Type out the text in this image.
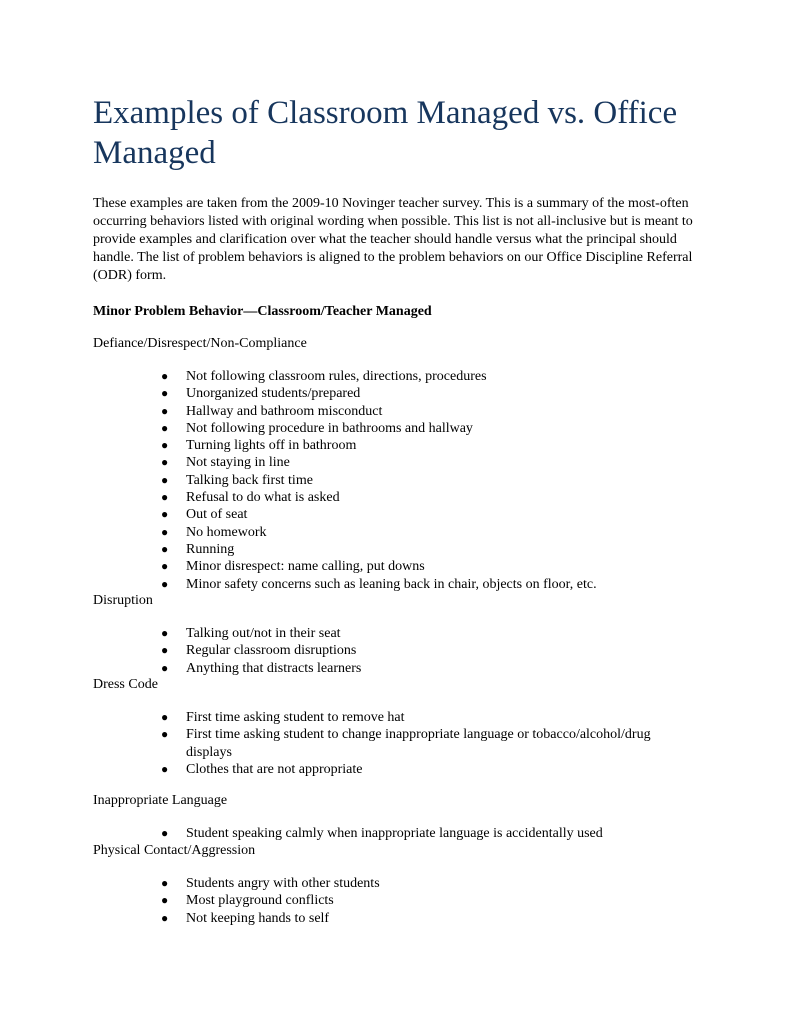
Examples of Classroom Managed vs. Office Managed

These examples are taken from the 2009-10 Novinger teacher survey. This is a summary of the most-often occurring behaviors listed with original wording when possible. This list is not all-inclusive but is meant to provide examples and clarification over what the teacher should handle versus what the principal should handle. The list of problem behaviors is aligned to the problem behaviors on our Office Discipline Referral (ODR) form.

Minor Problem Behavior—Classroom/Teacher Managed

Defiance/Disrespect/Non-Compliance

● Not following classroom rules, directions, procedures
● Unorganized students/prepared
● Hallway and bathroom misconduct
● Not following procedure in bathrooms and hallway
● Turning lights off in bathroom
● Not staying in line
● Talking back first time
● Refusal to do what is asked
● Out of seat
● No homework
● Running
● Minor disrespect: name calling, put downs
● Minor safety concerns such as leaning back in chair, objects on floor, etc.

Disruption

● Talking out/not in their seat
● Regular classroom disruptions
● Anything that distracts learners

Dress Code

● First time asking student to remove hat
● First time asking student to change inappropriate language or tobacco/alcohol/drug displays
● Clothes that are not appropriate

Inappropriate Language

● Student speaking calmly when inappropriate language is accidentally used

Physical Contact/Aggression

● Students angry with other students
● Most playground conflicts
● Not keeping hands to self
